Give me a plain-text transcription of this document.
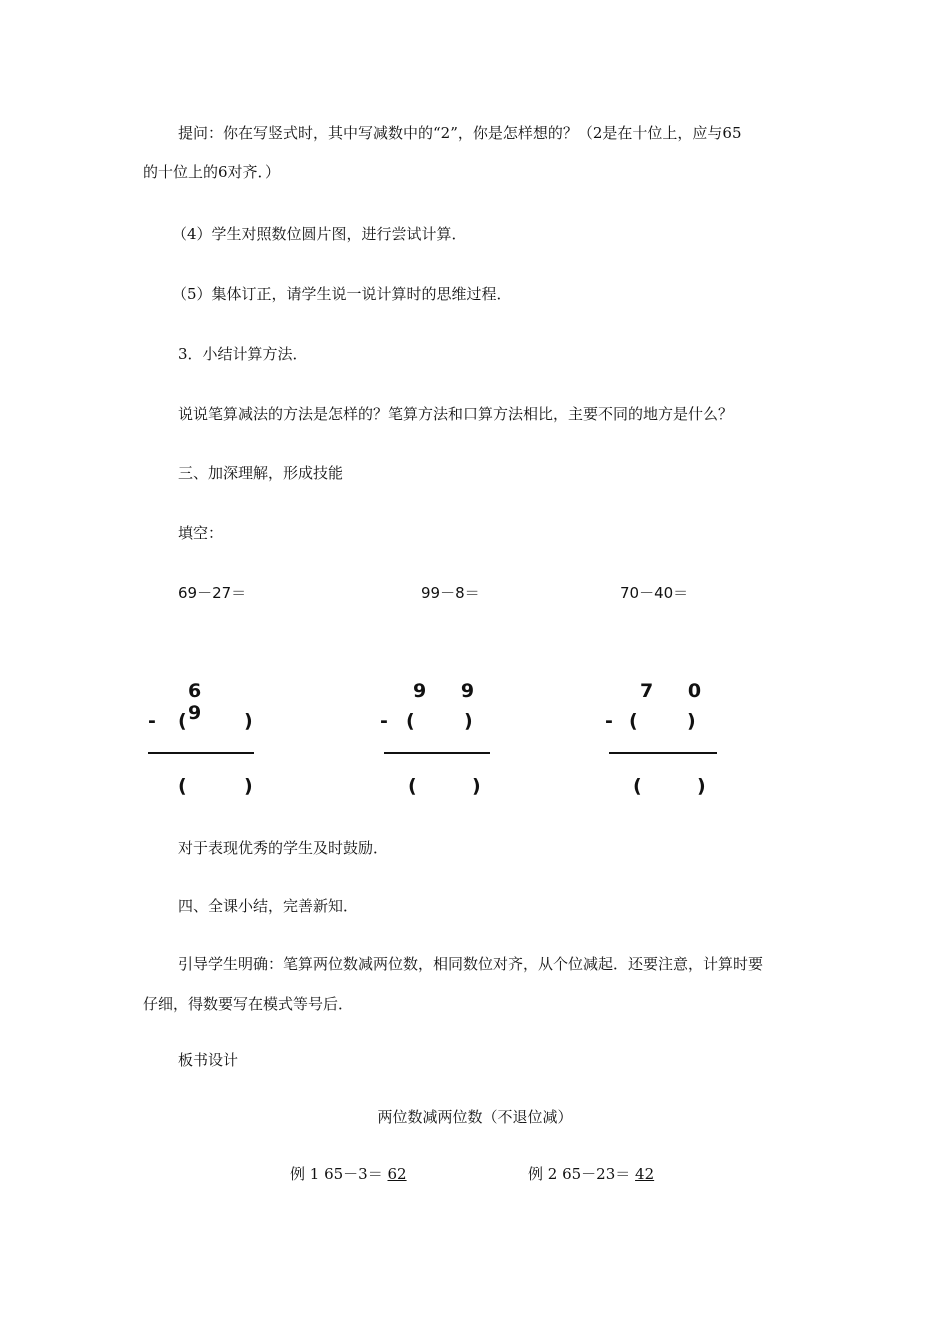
提问：你在写竖式时，其中写减数中的“2”，你是怎样想的？（2是在十位上，应与65
的十位上的6对齐．）
（4）学生对照数位圆片图，进行尝试计算．
（5）集体订正，请学生说一说计算时的思维过程．
3．小结计算方法．
说说笔算减法的方法是怎样的？笔算方法和口算方法相比，主要不同的地方是什么？
三、加深理解，形成技能
填空：
69－27＝	99－8＝	70－40＝
6 9
- (	)
(	)
9 9
- (	)
(	)
7 0
- (	)
(	)
对于表现优秀的学生及时鼓励．
四、全课小结，完善新知．
引导学生明确：笔算两位数减两位数，相同数位对齐，从个位减起．还要注意，计算时要
仔细，得数要写在模式等号后．
板书设计
两位数减两位数（不退位减）
例 1 65－3＝ 62	例 2 65－23＝ 42
